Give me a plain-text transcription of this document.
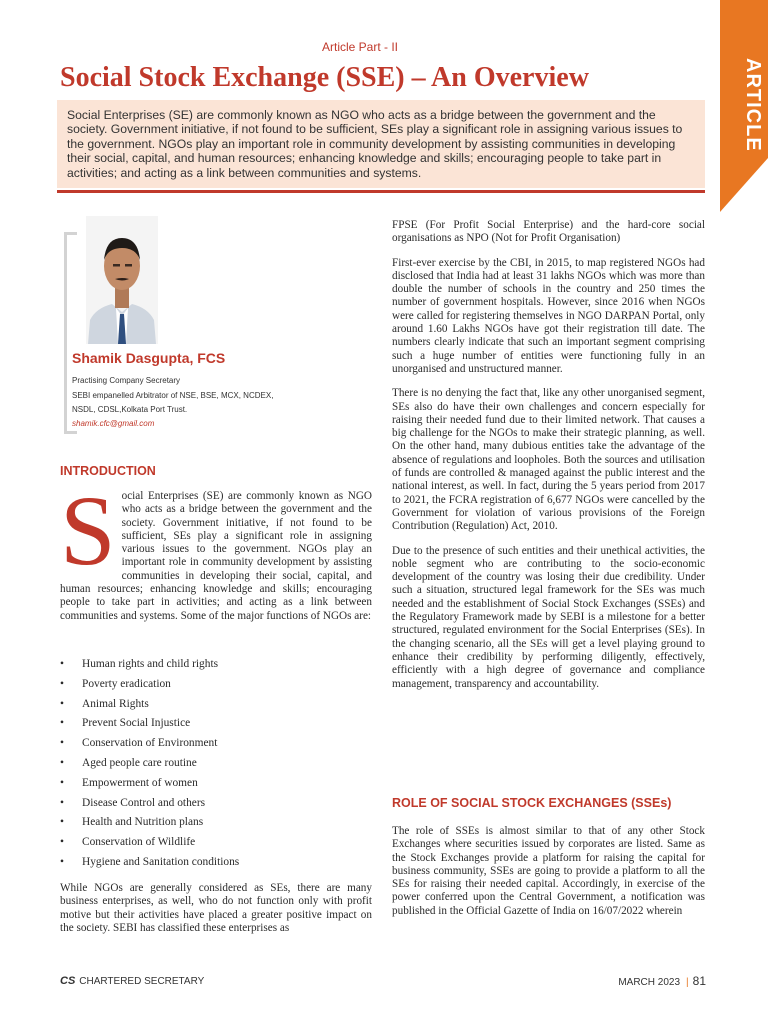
Article Part - II
Social Stock Exchange (SSE) – An Overview	ARTICLE
Social Enterprises (SE) are commonly known as NGO who acts as a bridge between the government and the society. Government initiative, if not found to be sufficient, SEs play a significant role in assigning various issues to the government. NGOs play an important role in community development by assisting communities in developing their social, capital, and human resources; enhancing knowledge and skills; encouraging people to take part in activities; and acting as a link between communities and systems.
Shamik Dasgupta, FCS
Practising Company Secretary
SEBI empanelled Arbitrator of NSE, BSE, MCX, NCDEX,
NSDL, CDSL,Kolkata Port Trust.
shamik.cfc@gmail.com
INTRODUCTION
Social Enterprises (SE) are commonly known as NGO who acts as a bridge between the government and the society. Government initiative, if not found to be sufficient, SEs play a significant role in assigning various issues to the government. NGOs play an important role in community development by assisting communities in developing their social, capital, and human resources; enhancing knowledge and skills; encouraging people to take part in activities; and acting as a link between communities and systems. Some of the major functions of NGOs are:
• Human rights and child rights
• Poverty eradication
• Animal Rights
• Prevent Social Injustice
• Conservation of Environment
• Aged people care routine
• Empowerment of women
• Disease Control and others
• Health and Nutrition plans
• Conservation of Wildlife
• Hygiene and Sanitation conditions
While NGOs are generally considered as SEs, there are many business enterprises, as well, who do not function only with profit motive but their activities have placed a greater positive impact on the society. SEBI has classified these enterprises as

FPSE (For Profit Social Enterprise) and the hard-core social organisations as NPO (Not for Profit Organisation)

First-ever exercise by the CBI, in 2015, to map registered NGOs had disclosed that India had at least 31 lakhs NGOs which was more than double the number of schools in the country and 250 times the number of government hospitals. However, since 2016 when NGOs were called for registering themselves in NGO DARPAN Portal, only around 1.60 Lakhs NGOs have got their registration till date. The numbers clearly indicate that such an important segment comprising such a huge number of entities were functioning fully in an unorganised and unstructured manner.

There is no denying the fact that, like any other unorganised segment, SEs also do have their own challenges and concern especially for raising their needed fund due to their limited network. That causes a big challenge for the NGOs to make their strategic planning, as well. On the other hand, many dubious entities take the advantage of the absence of regulations and loopholes. Both the sources and utilisation of funds are controlled & managed against the public interest and the national interest, as well. In fact, during the 5 years period from 2017 to 2021, the FCRA registration of 6,677 NGOs were cancelled by the Government for violation of various provisions of the Foreign Contribution (Regulation) Act, 2010.

Due to the presence of such entities and their unethical activities, the noble segment who are contributing to the socio-economic development of the country was losing their due credibility. Under such a situation, structured legal framework for the SEs was much needed and the establishment of Social Stock Exchanges (SSEs) and the Regulatory Framework made by SEBI is a milestone for a better structured, regulated environment for the Social Enterprises (SEs). In the changing scenario, all the SEs will get a level playing ground to enhance their credibility by performing diligently, effectively, efficiently with a high degree of governance and compliance management, transparency and accountability.

ROLE OF SOCIAL STOCK EXCHANGES (SSEs)
The role of SSEs is almost similar to that of any other Stock Exchanges where securities issued by corporates are listed. Same as the Stock Exchanges provide a platform for raising the capital for business community, SSEs are going to provide a platform to all the SEs for raising their needed capital. Accordingly, in exercise of the power conferred upon the Central Government, a notification was published in the Official Gazette of India on 16/07/2022 wherein
CS CHARTERED SECRETARY	MARCH 2023 | 81
